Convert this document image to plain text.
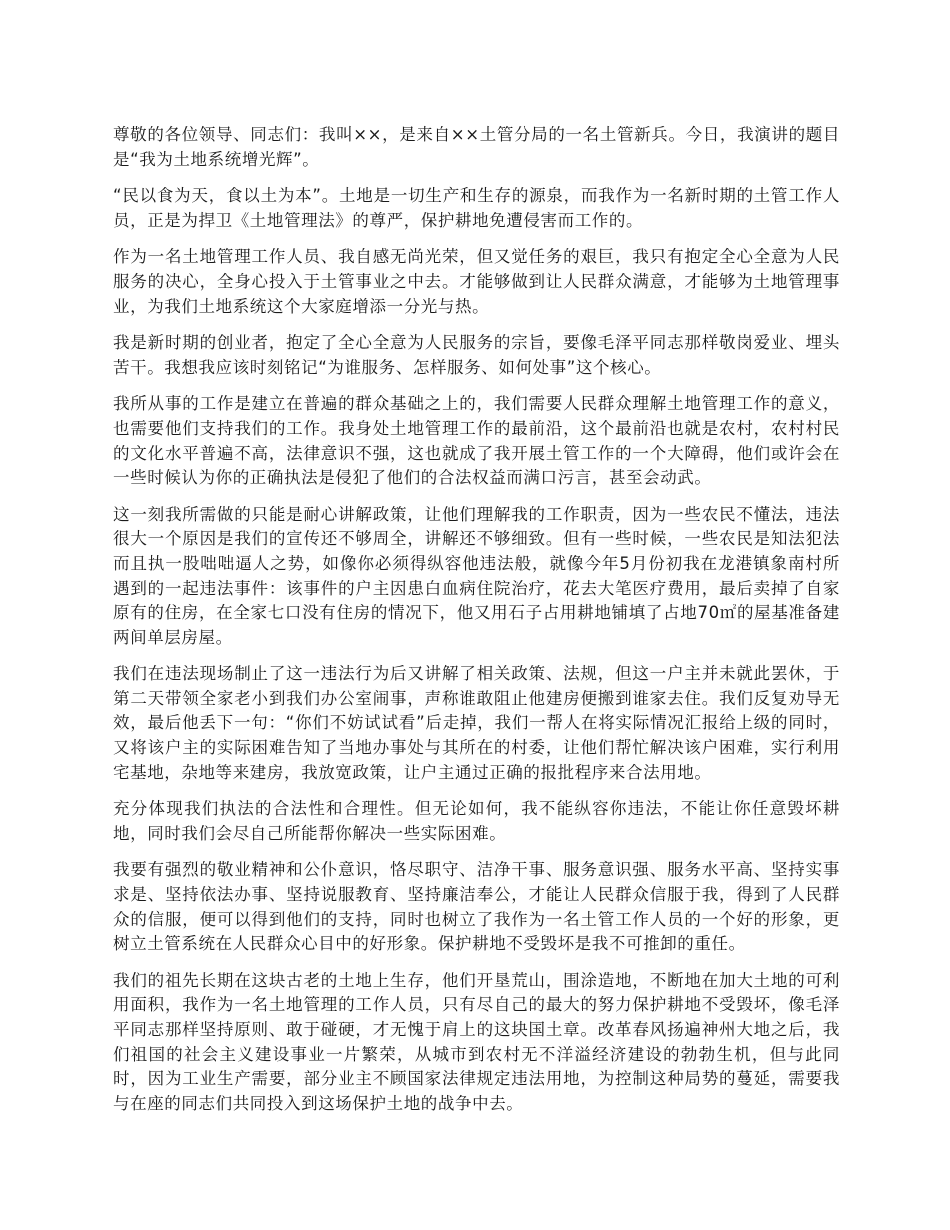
尊敬的各位领导、同志们：我叫××，是来自××土管分局的一名土管新兵。今日，我演讲的题目是“我为土地系统增光辉”。

“民以食为天，食以土为本”。土地是一切生产和生存的源泉，而我作为一名新时期的土管工作人员，正是为捍卫《土地管理法》的尊严，保护耕地免遭侵害而工作的。

作为一名土地管理工作人员、我自感无尚光荣，但又觉任务的艰巨，我只有抱定全心全意为人民服务的决心，全身心投入于土管事业之中去。才能够做到让人民群众满意，才能够为土地管理事业，为我们土地系统这个大家庭增添一分光与热。

我是新时期的创业者，抱定了全心全意为人民服务的宗旨，要像毛泽平同志那样敬岗爱业、埋头苦干。我想我应该时刻铭记“为谁服务、怎样服务、如何处事”这个核心。

我所从事的工作是建立在普遍的群众基础之上的，我们需要人民群众理解土地管理工作的意义，也需要他们支持我们的工作。我身处土地管理工作的最前沿，这个最前沿也就是农村，农村村民的文化水平普遍不高，法律意识不强，这也就成了我开展土管工作的一个大障碍，他们或许会在一些时候认为你的正确执法是侵犯了他们的合法权益而满口污言，甚至会动武。

这一刻我所需做的只能是耐心讲解政策，让他们理解我的工作职责，因为一些农民不懂法，违法很大一个原因是我们的宣传还不够周全，讲解还不够细致。但有一些时候，一些农民是知法犯法而且执一股咄咄逼人之势，如像你必须得纵容他违法般，就像今年5月份初我在龙港镇象南村所遇到的一起违法事件：该事件的户主因患白血病住院治疗，花去大笔医疗费用，最后卖掉了自家原有的住房，在全家七口没有住房的情况下，他又用石子占用耕地铺填了占地70㎡的屋基准备建两间单层房屋。

我们在违法现场制止了这一违法行为后又讲解了相关政策、法规，但这一户主并未就此罢休，于第二天带领全家老小到我们办公室闹事，声称谁敢阻止他建房便搬到谁家去住。我们反复劝导无效，最后他丢下一句：“你们不妨试试看”后走掉，我们一帮人在将实际情况汇报给上级的同时，又将该户主的实际困难告知了当地办事处与其所在的村委，让他们帮忙解决该户困难，实行利用宅基地，杂地等来建房，我放宽政策，让户主通过正确的报批程序来合法用地。

充分体现我们执法的合法性和合理性。但无论如何，我不能纵容你违法，不能让你任意毁坏耕地，同时我们会尽自己所能帮你解决一些实际困难。

我要有强烈的敬业精神和公仆意识，恪尽职守、洁净干事、服务意识强、服务水平高、坚持实事求是、坚持依法办事、坚持说服教育、坚持廉洁奉公，才能让人民群众信服于我，得到了人民群众的信服，便可以得到他们的支持，同时也树立了我作为一名土管工作人员的一个好的形象，更树立土管系统在人民群众心目中的好形象。保护耕地不受毁坏是我不可推卸的重任。

我们的祖先长期在这块古老的土地上生存，他们开垦荒山，围涂造地，不断地在加大土地的可利用面积，我作为一名土地管理的工作人员，只有尽自己的最大的努力保护耕地不受毁坏，像毛泽平同志那样坚持原则、敢于碰硬，才无愧于肩上的这块国土章。改革春风扬遍神州大地之后，我们祖国的社会主义建设事业一片繁荣，从城市到农村无不洋溢经济建设的勃勃生机，但与此同时，因为工业生产需要，部分业主不顾国家法律规定违法用地，为控制这种局势的蔓延，需要我与在座的同志们共同投入到这场保护土地的战争中去。
